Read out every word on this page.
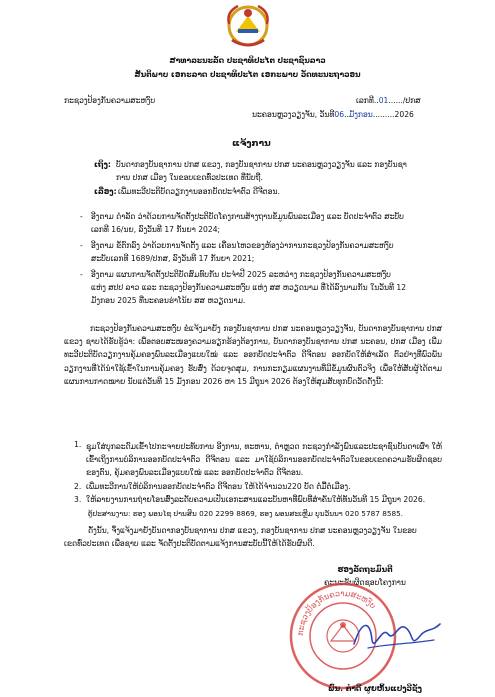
ສາທາລະນະລັດ ປະຊາທິປະໄຕ ປະຊາຊົນລາວ
ສັນຕິພາບ ເອກະລາດ ປະຊາທິປະໄຕ ເອກະພາບ ວັດທະນະຖາວອນ
ກະຊວງປ້ອງກັນຄວາມສະຫງົບ	ເລກທີ..01....../ປກສ
ນະຄອນຫຼວງວຽງຈັນ, ວັນທີ06..ມັງກອນ.........2026
ແຈ້ງການ
ເຖິງ: ບັນດາກອງບັນຊາການ ປກສ ແຂວງ, ກອງບັນຊາການ ປກສ ນະຄອນຫຼວງວຽງຈັນ ແລະ ກອງບັນຊາ
ການ ປກສ ເມືອງ ໃນຂອບເຂດທົ່ວປະເທດ ທີ່ນັບຖື.
ເລື່ອງ: ເພີ່ມທະວີປະຕິບັດວຽກງານອອກບັດປະຈຳຕົວ ດີຈີຕອນ.
- ອີງຕາມ ດຳລັດ ວ່າດ້ວຍການຈັດຕັ້ງປະຕິບັດໂຄງການສ້າງຖານຂໍ້ມູນພົນລະເມືອງ ແລະ ບັດປະຈຳຕົວ ສະບັບ
ເລກທີ 16/ນຍ, ລົງວັນທີ 17 ກັນຍາ 2024;
- ອີງຕາມ ຂໍ້ຕົກລົງ ວ່າດ້ວຍການຈັດຕັ້ງ ແລະ ເຄື່ອນໄຫວຂອງຫ້ອງວ່າການກະຊວງປ້ອງກັນຄວາມສະຫງົບ
ສະບັບເລກທີ 1689/ປກສ, ລົງວັນທີ 17 ກັນຍາ 2021;
- ອີງຕາມ ແຜນການຈັດຕັ້ງປະຕິບັດສົມທົບກັນ ປະຈຳປີ 2025 ລະຫວ່າງ ກະຊວງປ້ອງກັນຄວາມສະຫງົບ
ແຫ່ງ ສປປ ລາວ ແລະ ກະຊວງປ້ອງກັນຄວາມສະຫງົບ ແຫ່ງ ສສ ຫວຽດນາມ ທີ່ໄດ້ລົງນາມກັນ ໃນວັນທີ 12
ມັງກອນ 2025 ທີ່ນະຄອນຮ່າໂນ້ຍ ສສ ຫວຽດນາມ.
ກະຊວງປ້ອງກັນຄວາມສະຫງົບ ຂໍແຈ້ງມາຍັງ ກອງບັນຊາການ ປກສ ນະຄອນຫຼວງວຽງຈັນ, ບັນດາກອງບັນຊາການ ປກສ ແຂວງ ຊາບໄດ້ຮັບຮູ້ວ່າ: ເພື່ອຕອບສະໜອງຄວາມຮຽກຮ້ອງຕ້ອງການ, ບັນດາກອງບັນຊາການ ປກສ ນະຄອນ, ປກສ ເມືອງ ເພີ່ມທະວີປະຕິບັດວຽກງານຄຸ້ມຄອງພົນລະເມືອງແບບໃໝ່ ແລະ ອອກບັດປະຈຳຕົວ ດີຈີຕອນ ອອກບັດໃຫ້ສຳເລັດ ຕົວຢ່າງທີ່ພົວພັນວຽກງານທີ່ໄດ້ນຳໃຊ້ເຂົ້າໃນການຄຸ້ມຄອງ ຮັບສົ່ງ ດ້ວຍຈຸດສຸມ, ການກະກຽມແຜນງານທີ່ມີຂໍ້ມູນຜົນຕົວຈິງ ເພື່ອໃຫ້ສັບຜູ້ໄດ້ຕາມແຜນການກາດໝາຍ ນັບແຕ່ວັນທີ 15 ມັງກອນ 2026 ຫາ 15 ມີຖຸນາ 2026 ຕ້ອງໃຫ້ສຸມສັບທຸກບົດວັດດັ່ງນີ້:
1. ຊຸມໃສ່ບຸກລະດົມເຂົ້າໄປກະຈາຍປະທັບການ ອີງການ, ທະຫານ, ຕຳຫຼວດ ກະຊວງກຳລັງພົນແລະປະຊາຊົນບັນດາເຜົ່າ ໃຫ້ເຂົ້າເຖິງການບໍລິການອອກບັດປະຈຳຕົວ ດີຈີຕອນ ແລະ ມາໃຊ້ບໍລິການອອກບັດປະຈຳຕົວໃນຂອບເຂດຄວາມຮັບຜິດຊອບຂອງຕົນ, ຄຸ້ມຄອງພົນລະເມືອງແບບໃໝ່ ແລະ ອອກບັດປະຈຳຕົວ ດີຈີຕອນ.
2. ເພີ່ມທະວີການໃຫ້ບໍລິການອອກບັດປະຈຳຕົວ ດີຈີຕອນ ໃຫ້ໄດ້ຈຳນວນ220 ບັດ ຕໍ່ມື້ຕໍ່ເມືອງ.
3. ໃຫ້ລາຍງານການຖ່າຍໂອນສົ່ງລະດັບຄວາມເປັນເອກະສານແລະບັນຫາທີ່ພົບທີ່ສຳຄັນໃຫ້ທັນວັນທີ 15 ມີຖຸນາ 2026.
ຕູ້ປະສານງານ: ຮອງ ພອນໄຊ ປານສິນ 020 2299 8869, ຮອງ ພອນສະເຫຼີມ ບຸນວັນນາ 020 5787 8585.
ດັ່ງນັ້ນ, ຈຶ່ງແຈ້ງມາຍັງບັນດາກອງບັນຊາການ ປກສ ແຂວງ, ກອງບັນຊາການ ປກສ ນະຄອນຫຼວງວຽງຈັນ ໃນຂອບ
ເຂດທົ່ວປະເທດ ເພື່ອຊາບ ແລະ ຈັດຕັ້ງປະຕິບັດຕາມແຈ້ງການສະບັບນີ້ໃຫ້ໄດ້ຮັບຜົນດີ.
ຮອງລັດຖະມົນຕີ
ຄະນະຮັບຜິດຊອບໂຄງການ
ກະຊວງປ້ອງກັນຄວາມສະຫງົບ
ພົນ. ຄຳດີ ຜູຍຫິ້ນແປງວີຊັງ
